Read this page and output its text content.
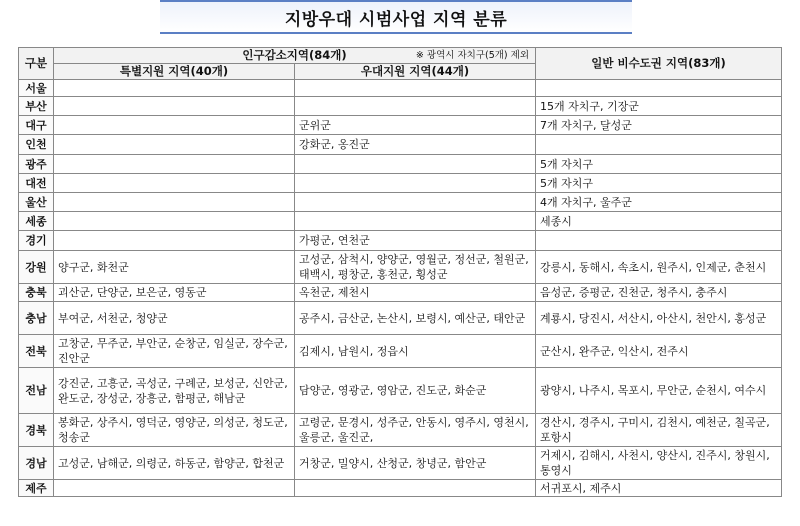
지방우대 시범사업 지역 분류
구분	인구감소지역(84개) ※ 광역시 자치구(5개) 제외		일반 비수도권 지역(83개)
	특별지원 지역(40개)	우대지원 지역(44개)	
서울			
부산			15개 자치구, 기장군
대구		군위군	7개 자치구, 달성군
인천		강화군, 옹진군	
광주			5개 자치구
대전			5개 자치구
울산			4개 자치구, 울주군
세종			세종시
경기		가평군, 연천군	
강원	양구군, 화천군	고성군, 삼척시, 양양군, 영월군, 정선군, 철원군, 태백시, 평창군, 홍천군, 횡성군	강릉시, 동해시, 속초시, 원주시, 인제군, 춘천시
충북	괴산군, 단양군, 보은군, 영동군	옥천군, 제천시	음성군, 증평군, 진천군, 청주시, 충주시
충남	부여군, 서천군, 청양군	공주시, 금산군, 논산시, 보령시, 예산군, 태안군	계룡시, 당진시, 서산시, 아산시, 천안시, 홍성군
전북	고창군, 무주군, 부안군, 순창군, 임실군, 장수군, 진안군	김제시, 남원시, 정읍시	군산시, 완주군, 익산시, 전주시
전남	강진군, 고흥군, 곡성군, 구례군, 보성군, 신안군, 완도군, 장성군, 장흥군, 함평군, 해남군	담양군, 영광군, 영암군, 진도군, 화순군	광양시, 나주시, 목포시, 무안군, 순천시, 여수시
경북	봉화군, 상주시, 영덕군, 영양군, 의성군, 청도군, 청송군	고령군, 문경시, 성주군, 안동시, 영주시, 영천시, 울릉군, 울진군,	경산시, 경주시, 구미시, 김천시, 예천군, 칠곡군, 포항시
경남	고성군, 남해군, 의령군, 하동군, 함양군, 합천군	거창군, 밀양시, 산청군, 창녕군, 함안군	거제시, 김해시, 사천시, 양산시, 진주시, 창원시, 통영시
제주			서귀포시, 제주시
